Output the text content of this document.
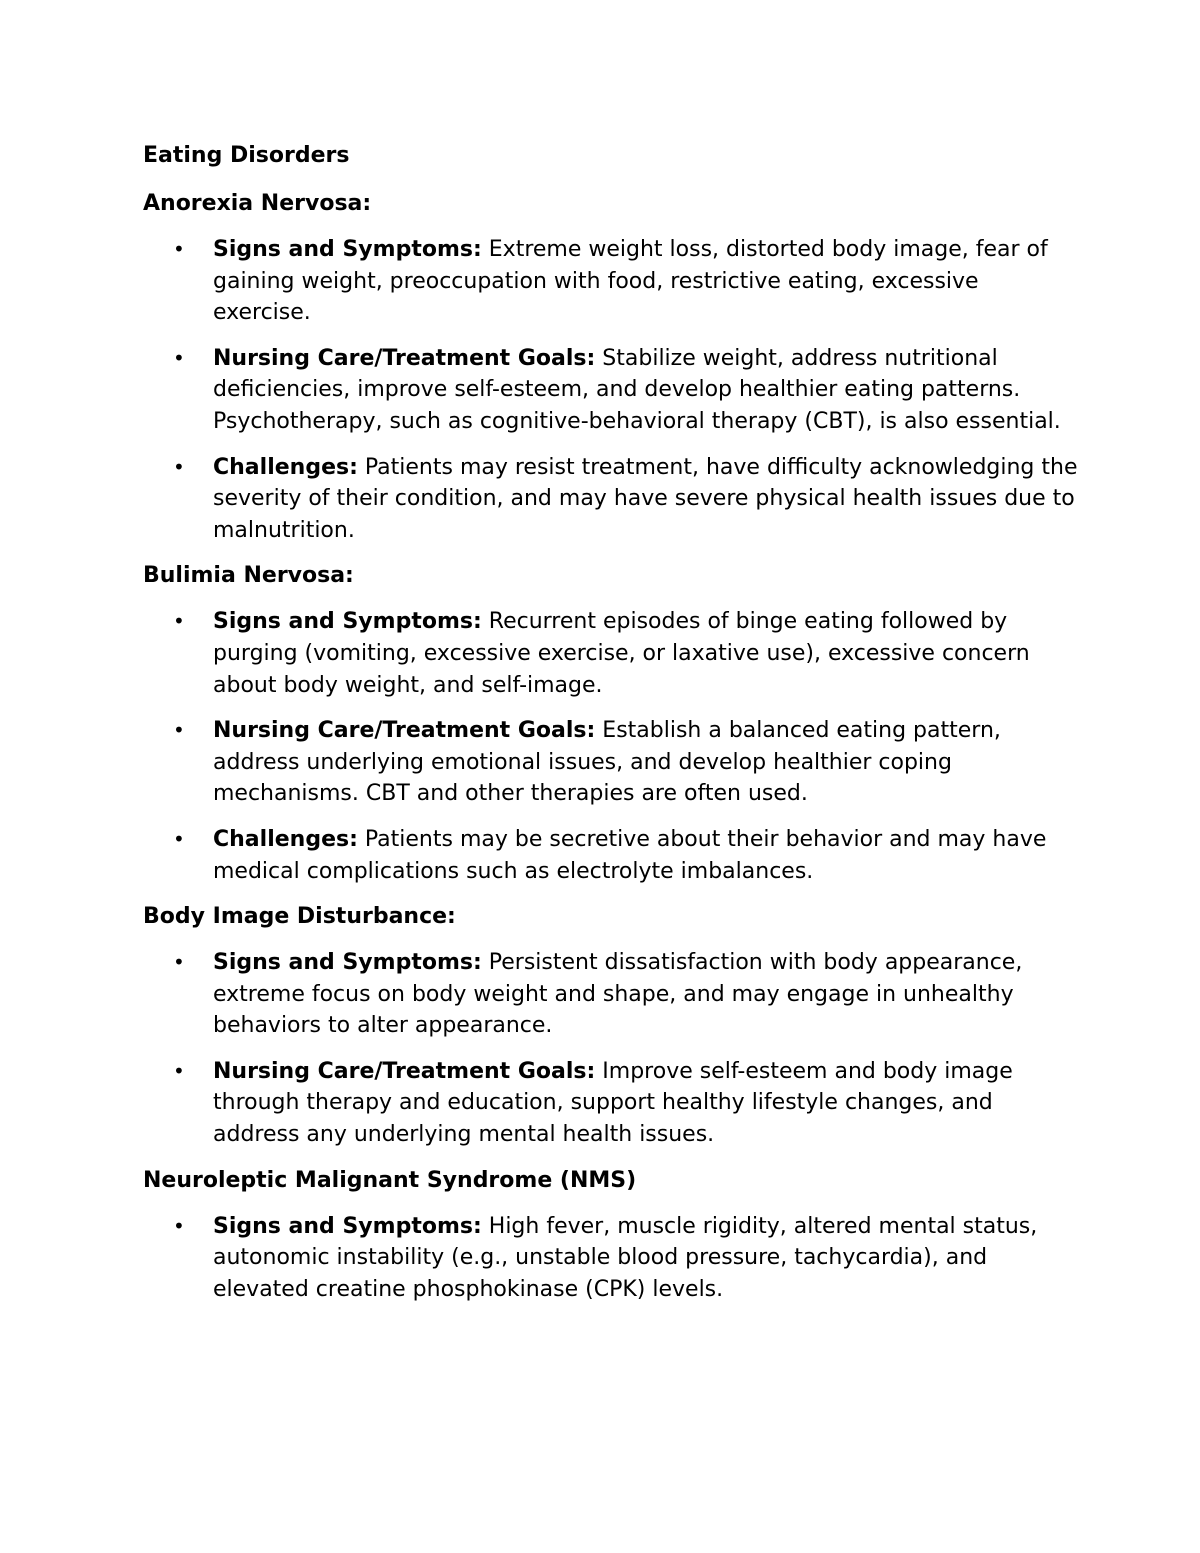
Eating Disorders
Anorexia Nervosa:
• Signs and Symptoms: Extreme weight loss, distorted body image, fear of gaining weight, preoccupation with food, restrictive eating, excessive exercise.
• Nursing Care/Treatment Goals: Stabilize weight, address nutritional deficiencies, improve self-esteem, and develop healthier eating patterns. Psychotherapy, such as cognitive-behavioral therapy (CBT), is also essential.
• Challenges: Patients may resist treatment, have difficulty acknowledging the severity of their condition, and may have severe physical health issues due to malnutrition.
Bulimia Nervosa:
• Signs and Symptoms: Recurrent episodes of binge eating followed by purging (vomiting, excessive exercise, or laxative use), excessive concern about body weight, and self-image.
• Nursing Care/Treatment Goals: Establish a balanced eating pattern, address underlying emotional issues, and develop healthier coping mechanisms. CBT and other therapies are often used.
• Challenges: Patients may be secretive about their behavior and may have medical complications such as electrolyte imbalances.
Body Image Disturbance:
• Signs and Symptoms: Persistent dissatisfaction with body appearance, extreme focus on body weight and shape, and may engage in unhealthy behaviors to alter appearance.
• Nursing Care/Treatment Goals: Improve self-esteem and body image through therapy and education, support healthy lifestyle changes, and address any underlying mental health issues.
Neuroleptic Malignant Syndrome (NMS)
• Signs and Symptoms: High fever, muscle rigidity, altered mental status, autonomic instability (e.g., unstable blood pressure, tachycardia), and elevated creatine phosphokinase (CPK) levels.
